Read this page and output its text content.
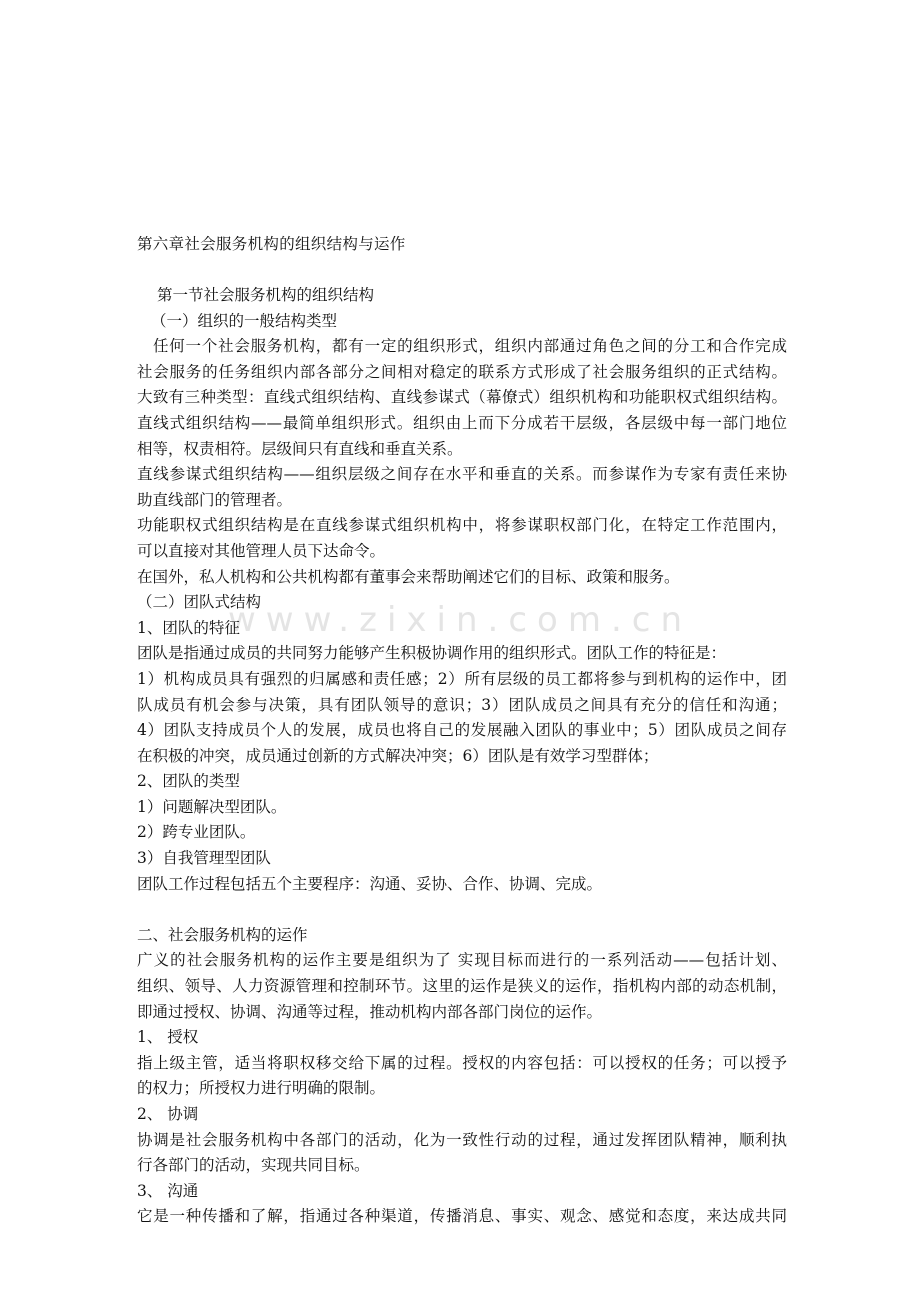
www.zixin.com.cn
第六章社会服务机构的组织结构与运作
第一节社会服务机构的组织结构
（一）组织的一般结构类型
任何一个社会服务机构，都有一定的组织形式，组织内部通过角色之间的分工和合作完成
社会服务的任务组织内部各部分之间相对稳定的联系方式形成了社会服务组织的正式结构。
大致有三种类型：直线式组织结构、直线参谋式（幕僚式）组织机构和功能职权式组织结构。
直线式组织结构——最简单组织形式。组织由上而下分成若干层级，各层级中每一部门地位
相等，权责相符。层级间只有直线和垂直关系。
直线参谋式组织结构——组织层级之间存在水平和垂直的关系。而参谋作为专家有责任来协
助直线部门的管理者。
功能职权式组织结构是在直线参谋式组织机构中，将参谋职权部门化，在特定工作范围内，
可以直接对其他管理人员下达命令。
在国外，私人机构和公共机构都有董事会来帮助阐述它们的目标、政策和服务。
（二）团队式结构
1、团队的特征
团队是指通过成员的共同努力能够产生积极协调作用的组织形式。团队工作的特征是：
1）机构成员具有强烈的归属感和责任感；2）所有层级的员工都将参与到机构的运作中，团
队成员有机会参与决策，具有团队领导的意识；3）团队成员之间具有充分的信任和沟通；
4）团队支持成员个人的发展，成员也将自己的发展融入团队的事业中；5）团队成员之间存
在积极的冲突，成员通过创新的方式解决冲突；6）团队是有效学习型群体；
2、团队的类型
1）问题解决型团队。
2）跨专业团队。
3）自我管理型团队
团队工作过程包括五个主要程序：沟通、妥协、合作、协调、完成。
二、社会服务机构的运作
广义的社会服务机构的运作主要是组织为了 实现目标而进行的一系列活动——包括计划、
组织、领导、人力资源管理和控制环节。这里的运作是狭义的运作，指机构内部的动态机制，
即通过授权、协调、沟通等过程，推动机构内部各部门岗位的运作。
1、 授权
指上级主管，适当将职权移交给下属的过程。授权的内容包括：可以授权的任务；可以授予
的权力；所授权力进行明确的限制。
2、 协调
协调是社会服务机构中各部门的活动，化为一致性行动的过程，通过发挥团队精神，顺利执
行各部门的活动，实现共同目标。
3、 沟通
它是一种传播和了解，指通过各种渠道，传播消息、事实、观念、感觉和态度，来达成共同
